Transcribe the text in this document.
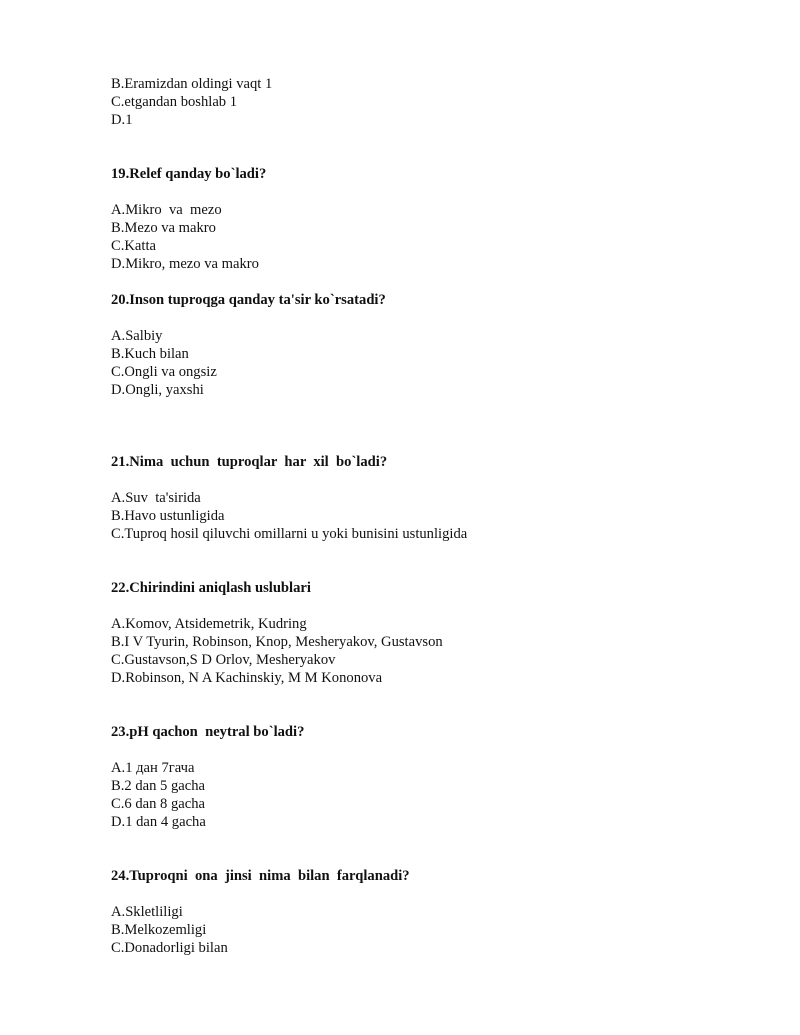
B.Eramizdan oldingi vaqt 1
C.etgandan boshlab 1
D.1
19.Relef qanday bo`ladi?
A.Mikro  va  mezo
B.Mezo va makro
C.Katta
D.Mikro, mezo va makro
20.Inson tuproqga qanday ta'sir ko`rsatadi?
A.Salbiy
B.Kuch bilan
C.Ongli va ongsiz
D.Ongli, yaxshi
21.Nima  uchun  tuproqlar  har  xil  bo`ladi?
A.Suv  ta'sirida
B.Havo ustunligida
C.Tuproq hosil qiluvchi omillarni u yoki bunisini ustunligida
22.Chirindini aniqlash uslublari
A.Komov, Atsidemetrik, Kudring
B.I V Tyurin, Robinson, Knop, Mesheryakov, Gustavson
C.Gustavson,S D Orlov, Mesheryakov
D.Robinson, N A Kachinskiy, M M Kononova
23.pH qachon  neytral bo`ladi?
A.1 дан 7гача
B.2 dan 5 gacha
C.6 dan 8 gacha
D.1 dan 4 gacha
24.Tuproqni  ona  jinsi  nima  bilan  farqlanadi?
A.Skletliligi
B.Melkozemligi
C.Donadorligi bilan
